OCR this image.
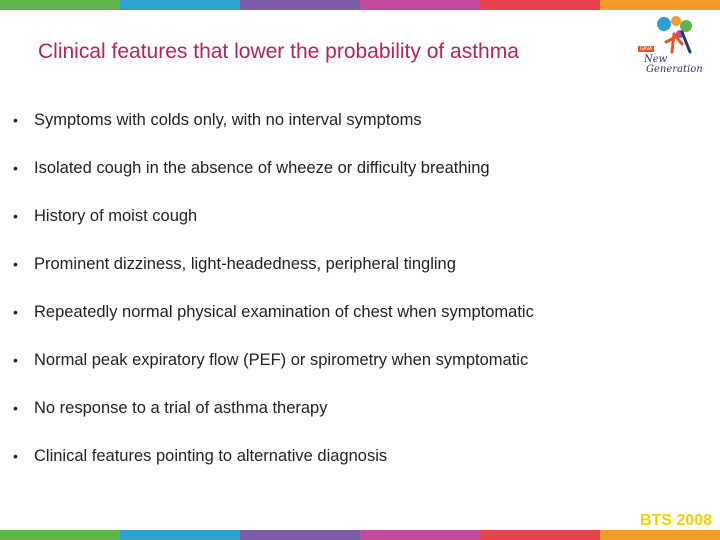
Clinical features that lower the probability of asthma	GINA
New
Generation
• Symptoms with colds only, with no interval symptoms
• Isolated cough in the absence of wheeze or difficulty breathing
• History of moist cough
• Prominent dizziness, light-headedness, peripheral tingling
• Repeatedly normal physical examination of chest when symptomatic
• Normal peak expiratory flow (PEF) or spirometry when symptomatic
• No response to a trial of asthma therapy
• Clinical features pointing to alternative diagnosis
BTS 2008
